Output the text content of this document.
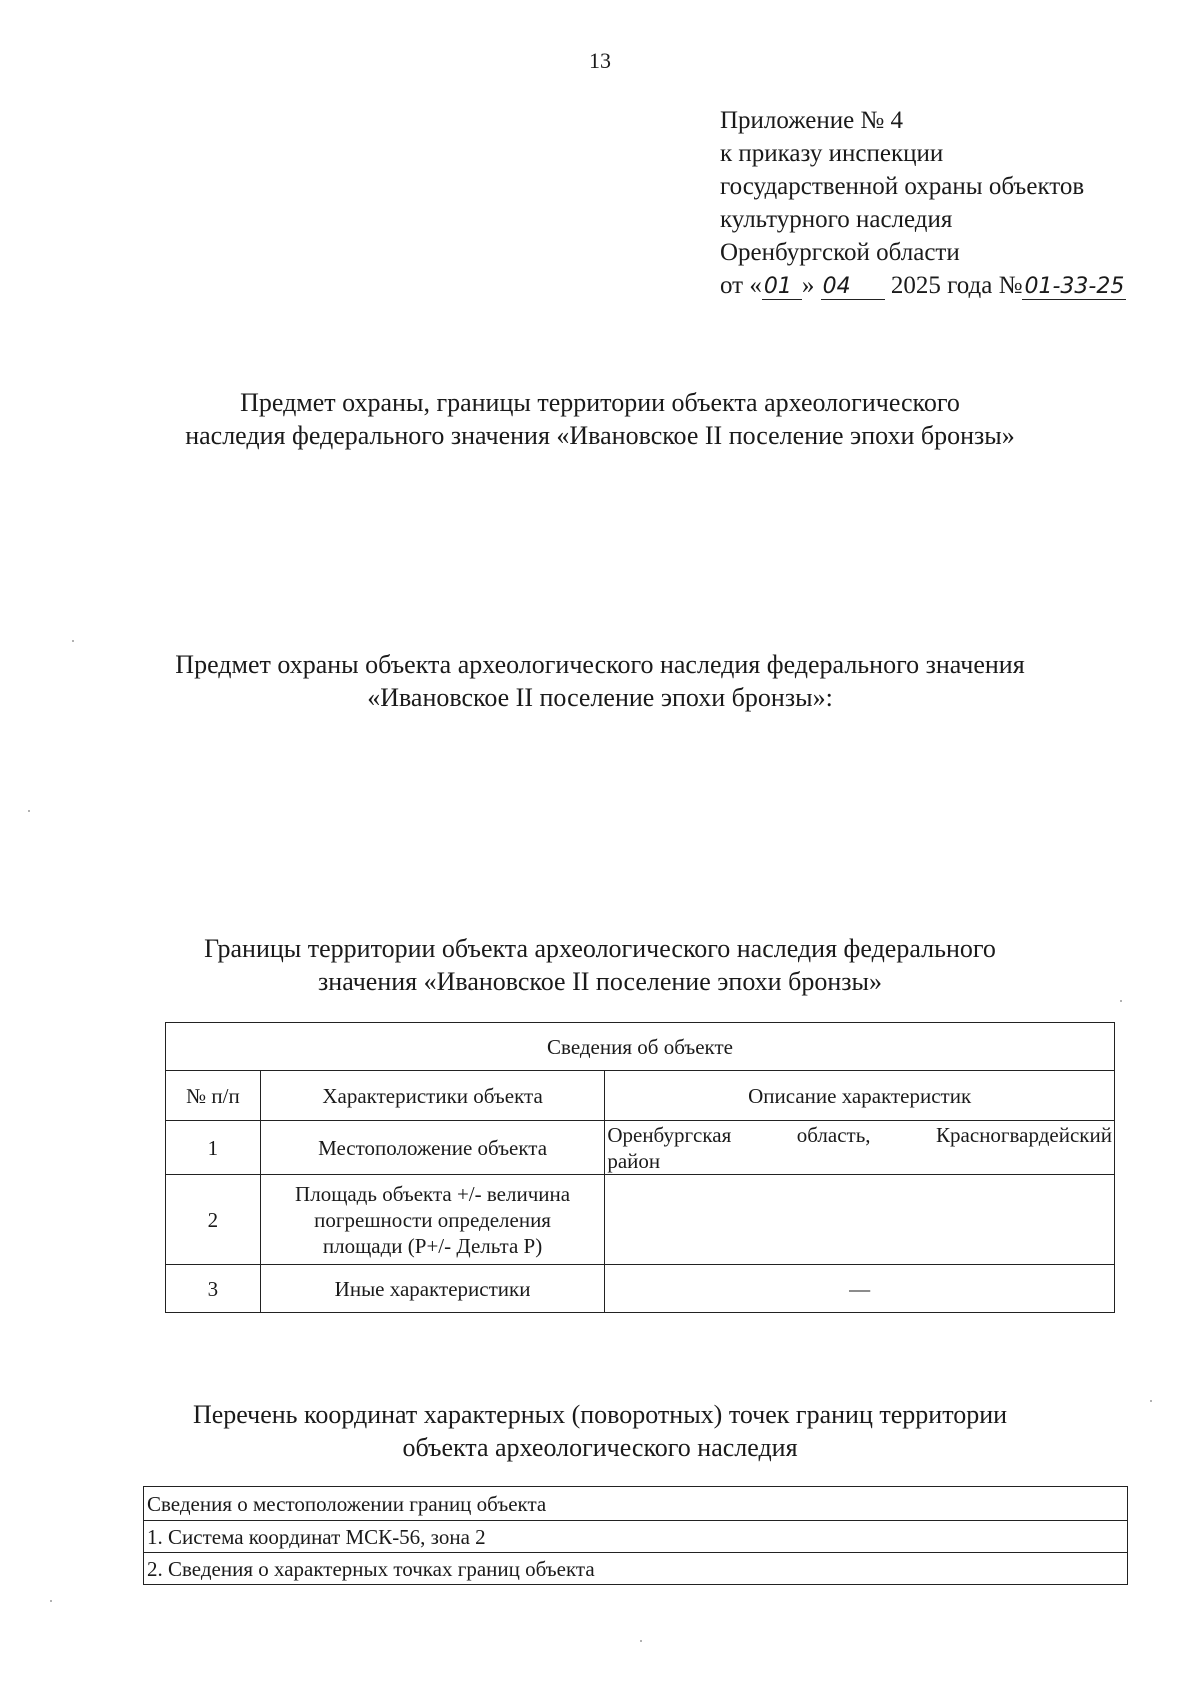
13
Приложение № 4
к приказу инспекции
государственной охраны объектов
культурного наследия
Оренбургской области
от «01 » 04 2025 года №01-33-25
Предмет охраны, границы территории объекта археологического
наследия федерального значения «Ивановское II поселение эпохи бронзы»
Предмет охраны объекта археологического наследия федерального значения
«Ивановское II поселение эпохи бронзы»:
Границы территории объекта археологического наследия федерального
значения «Ивановское II поселение эпохи бронзы»
Сведения об объекте		
№ п/п	Характеристики объекта	Описание характеристик
1	Местоположение объекта	Оренбургская область, Красногвардейский
район

2	Площадь объекта +/- величина
погрешности определения
площади (Р+/- Дельта Р)	

3	Иные характеристики	—
Перечень координат характерных (поворотных) точек границ территории
объекта археологического наследия
Сведения о местоположении границ объекта
1. Система координат МСК-56, зона 2
2. Сведения о характерных точках границ объекта
